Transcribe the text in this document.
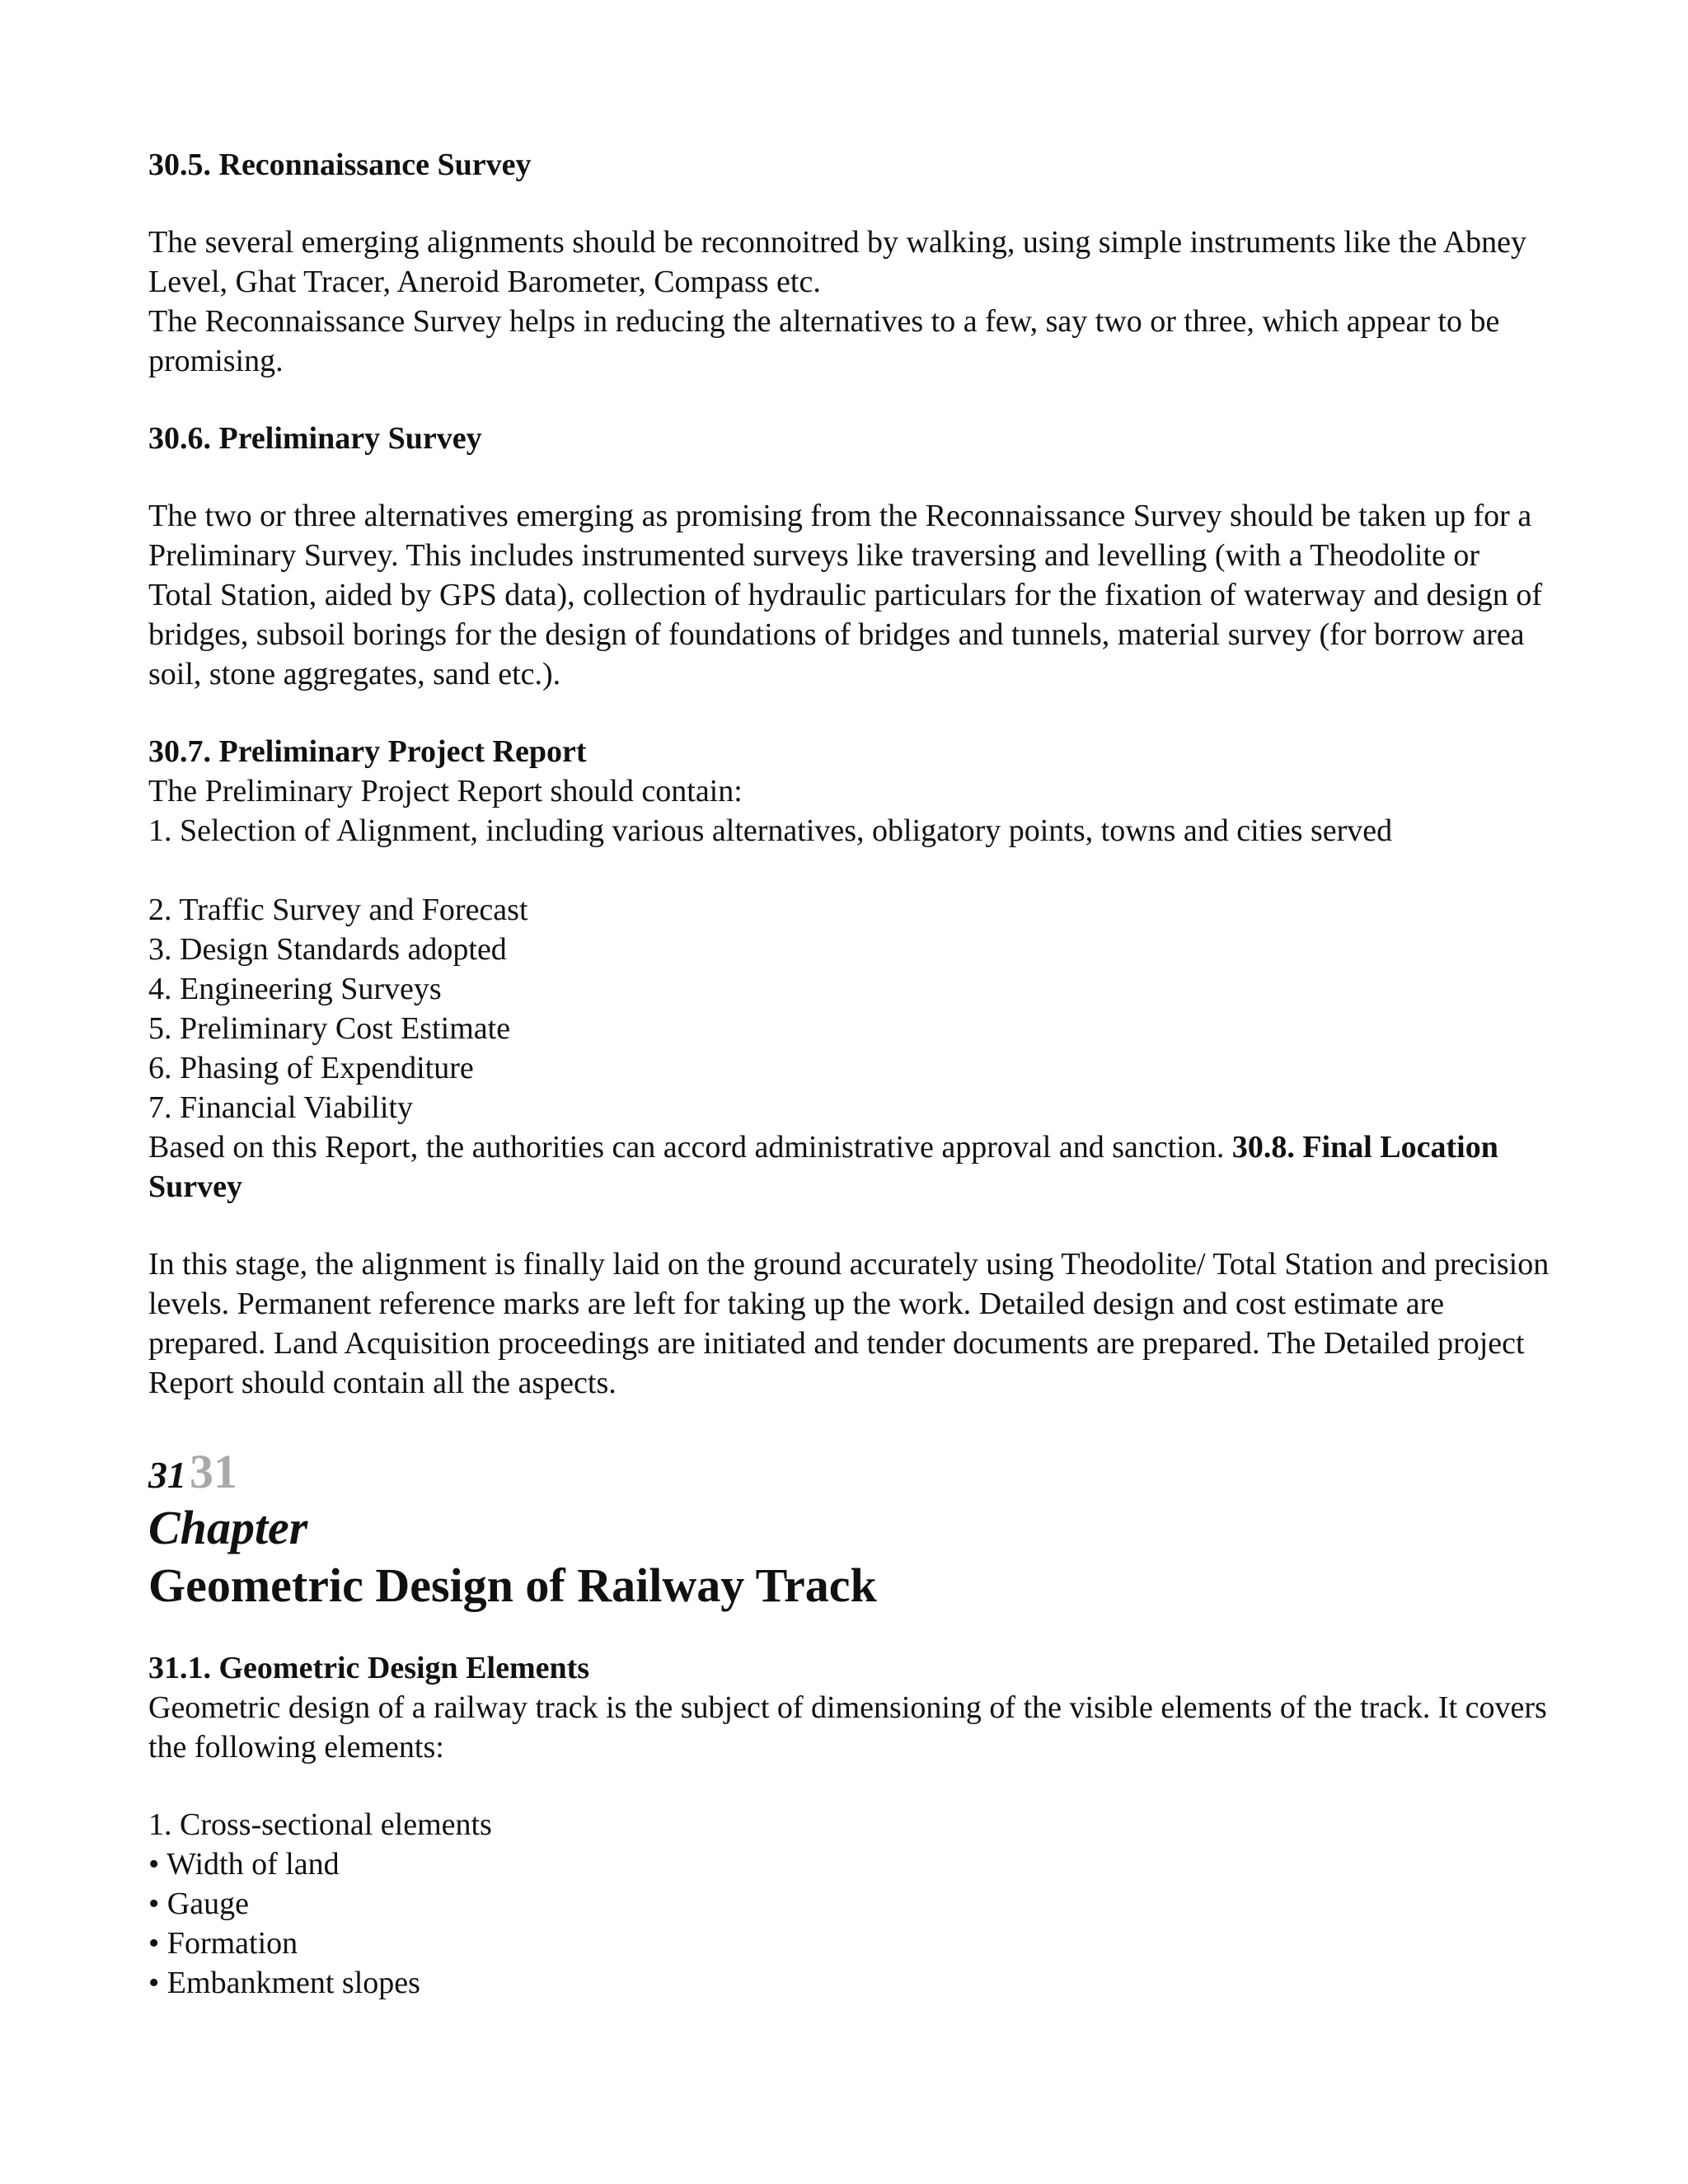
30.5. Reconnaissance Survey

The several emerging alignments should be reconnoitred by walking, using simple instruments like the Abney Level, Ghat Tracer, Aneroid Barometer, Compass etc.

The Reconnaissance Survey helps in reducing the alternatives to a few, say two or three, which appear to be promising.

30.6. Preliminary Survey

The two or three alternatives emerging as promising from the Reconnaissance Survey should be taken up for a Preliminary Survey. This includes instrumented surveys like traversing and levelling (with a Theodolite or Total Station, aided by GPS data), collection of hydraulic particulars for the fixation of waterway and design of bridges, subsoil borings for the design of foundations of bridges and tunnels, material survey (for borrow area soil, stone aggregates, sand etc.).

30.7. Preliminary Project Report

The Preliminary Project Report should contain:

1. Selection of Alignment, including various alternatives, obligatory points, towns and cities served

2. Traffic Survey and Forecast
3. Design Standards adopted
4. Engineering Surveys
5. Preliminary Cost Estimate
6. Phasing of Expenditure
7. Financial Viability

Based on this Report, the authorities can accord administrative approval and sanction. 30.8. Final Location Survey

In this stage, the alignment is finally laid on the ground accurately using Theodolite/ Total Station and precision levels. Permanent reference marks are left for taking up the work. Detailed design and cost estimate are prepared. Land Acquisition proceedings are initiated and tender documents are prepared. The Detailed project Report should contain all the aspects.

31 31

Chapter

Geometric Design of Railway Track

31.1. Geometric Design Elements

Geometric design of a railway track is the subject of dimensioning of the visible elements of the track. It covers the following elements:

1. Cross-sectional elements

• Width of land
• Gauge
• Formation
• Embankment slopes
